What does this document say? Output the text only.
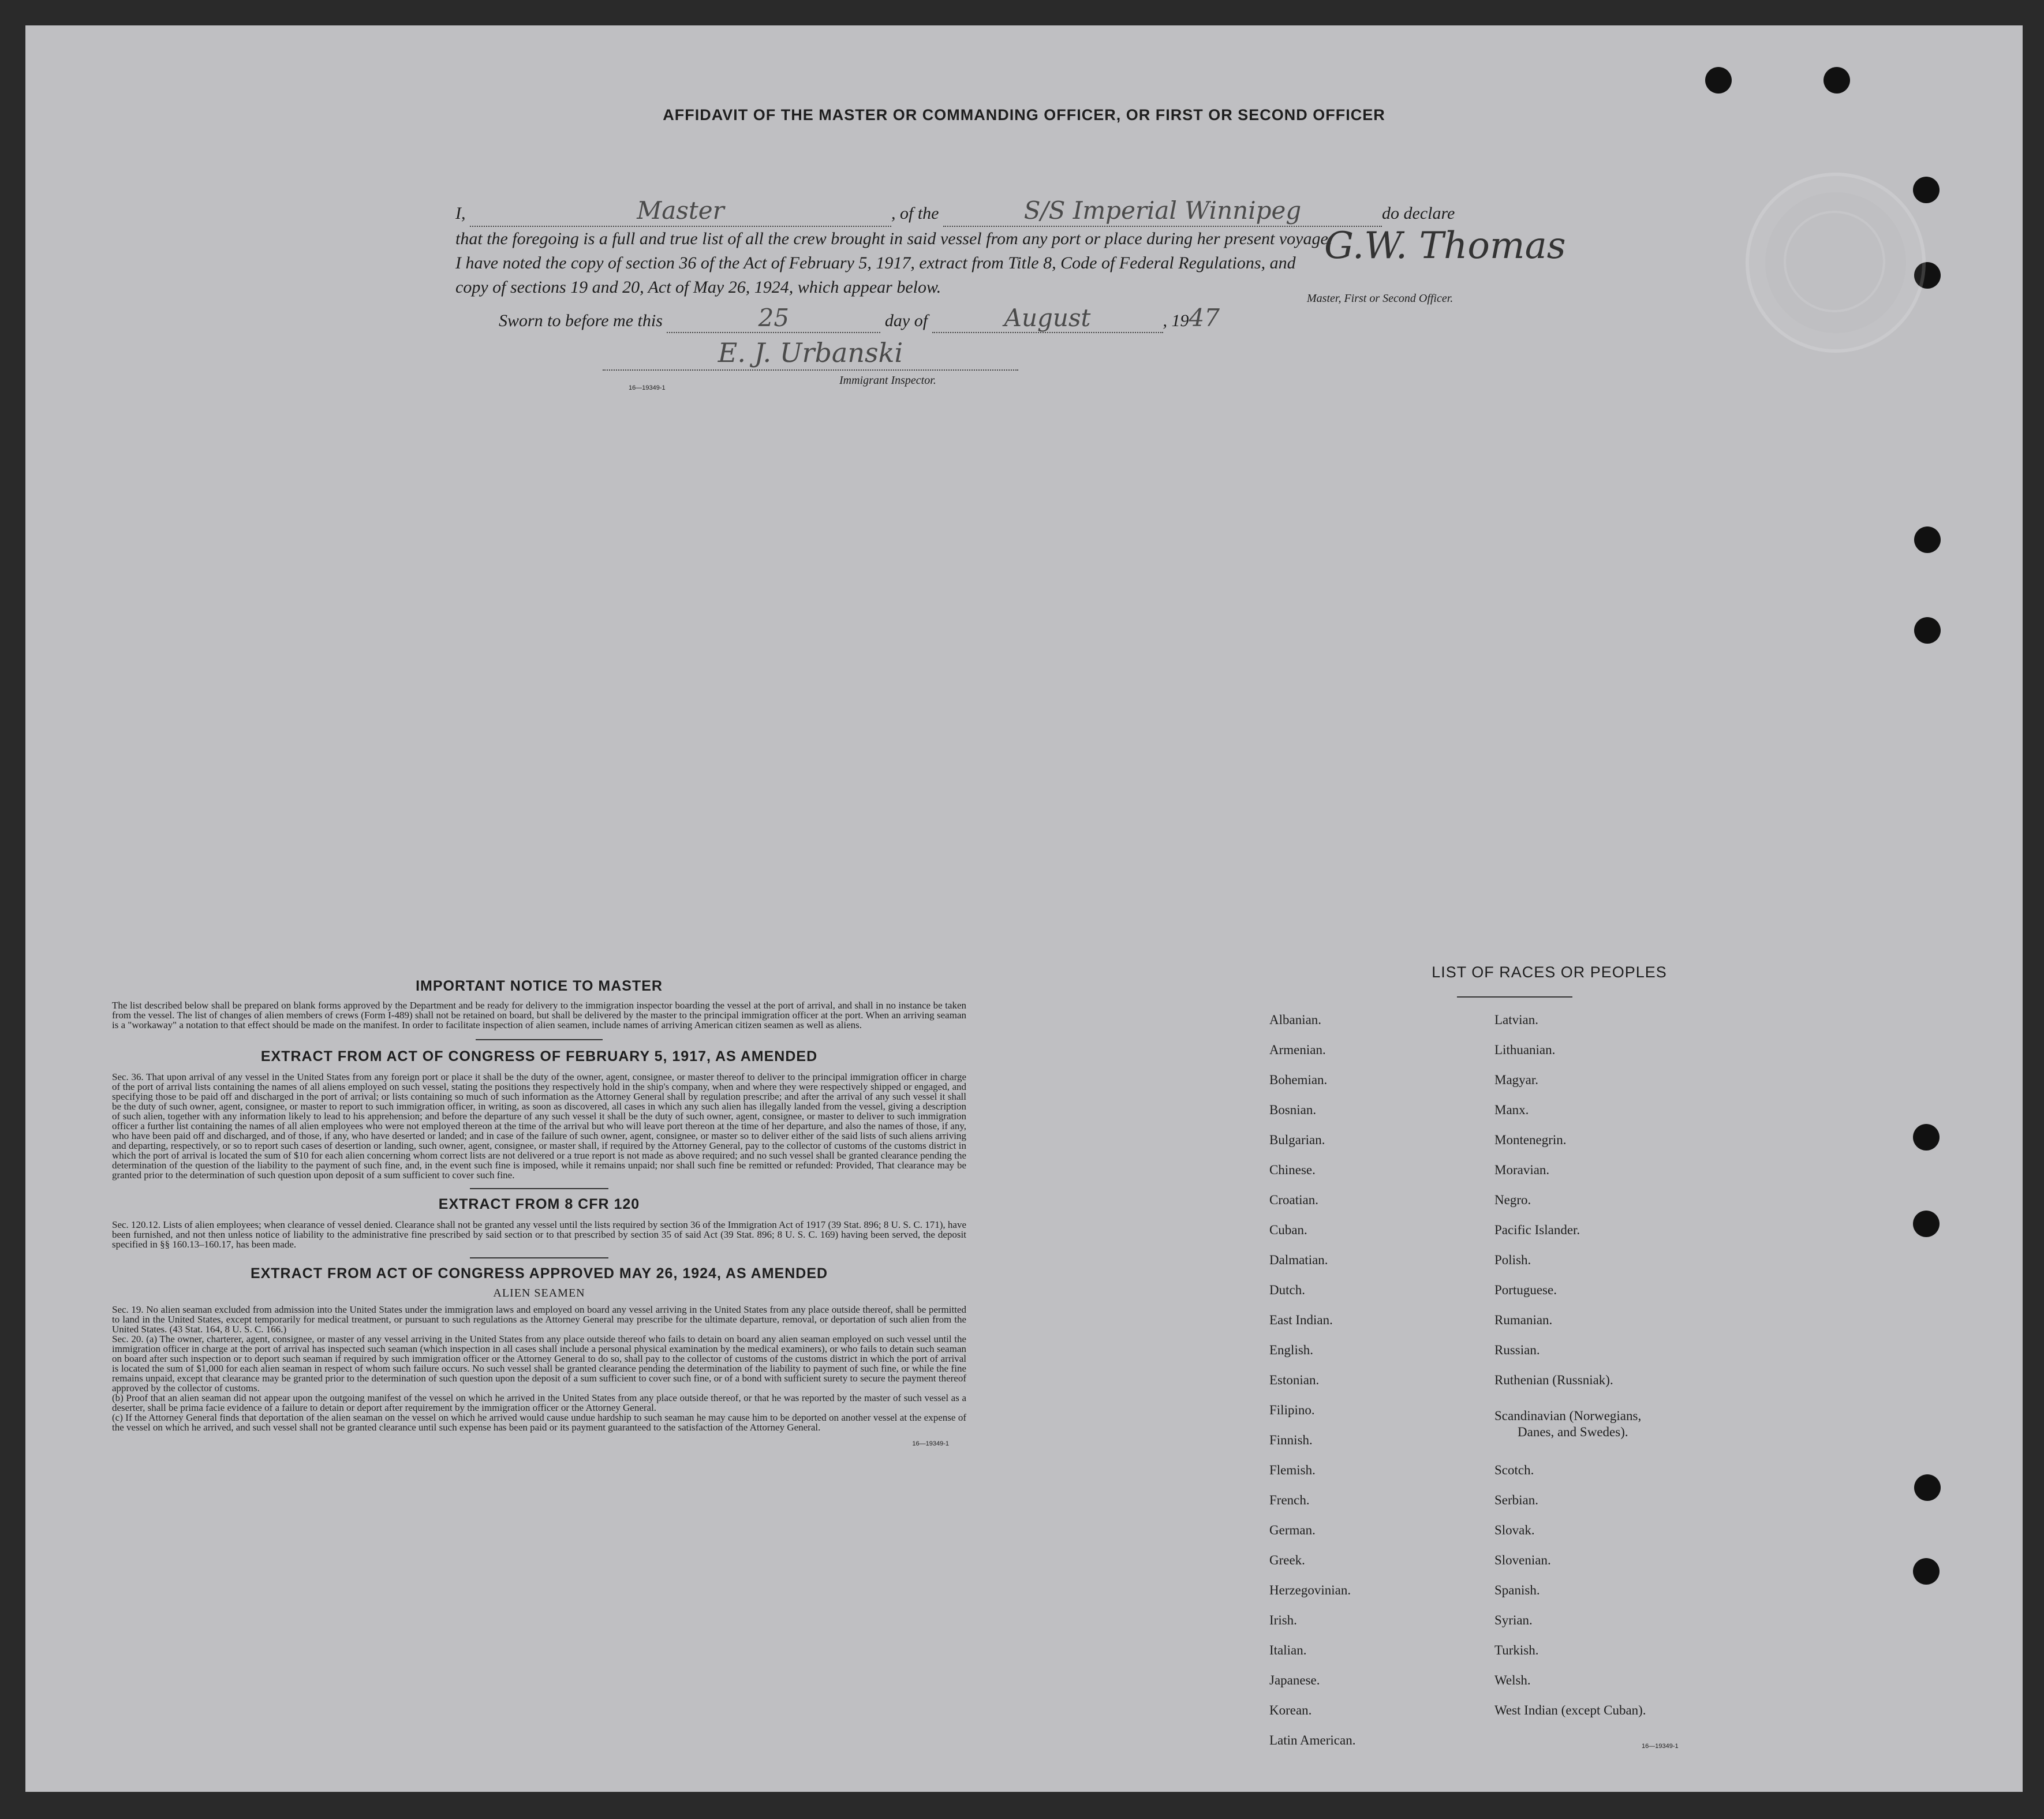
AFFIDAVIT OF THE MASTER OR COMMANDING OFFICER, OR FIRST OR SECOND OFFICER
I,	Master	, of the	S/S Imperial Winnipeg	do declare
that the foregoing is a full and true list of all the crew brought in said vessel from any port or place during her present voyage.
I have noted the copy of section 36 of the Act of February 5, 1917, extract from Title 8, Code of Federal Regulations, and
copy of sections 19 and 20, Act of May 26, 1924, which appear below.
G.W. Thomas
Master, First or Second Officer.
Sworn to before me this	25	day of	August	, 1947
E. J. Urbanski
Immigrant Inspector.
16—19349-1
IMPORTANT NOTICE TO MASTER

The list described below shall be prepared on blank forms approved by the Department and be ready for delivery to the immigration inspector boarding the vessel at the port of arrival, and shall in no instance be taken from the vessel. The list of changes of alien members of crews (Form I-489) shall not be retained on board, but shall be delivered by the master to the principal immigration officer at the port. When an arriving seaman is a "workaway" a notation to that effect should be made on the manifest. In order to facilitate inspection of alien seamen, include names of arriving American citizen seamen as well as aliens.

EXTRACT FROM ACT OF CONGRESS OF FEBRUARY 5, 1917, AS AMENDED

Sec. 36. That upon arrival of any vessel in the United States from any foreign port or place it shall be the duty of the owner, agent, consignee, or master thereof to deliver to the principal immigration officer in charge of the port of arrival lists containing the names of all aliens employed on such vessel, stating the positions they respectively hold in the ship's company, when and where they were respectively shipped or engaged, and specifying those to be paid off and discharged in the port of arrival; or lists containing so much of such information as the Attorney General shall by regulation prescribe; and after the arrival of any such vessel it shall be the duty of such owner, agent, consignee, or master to report to such immigration officer, in writing, as soon as discovered, all cases in which any such alien has illegally landed from the vessel, giving a description of such alien, together with any information likely to lead to his apprehension; and before the departure of any such vessel it shall be the duty of such owner, agent, consignee, or master to deliver to such immigration officer a further list containing the names of all alien employees who were not employed thereon at the time of the arrival but who will leave port thereon at the time of her departure, and also the names of those, if any, who have been paid off and discharged, and of those, if any, who have deserted or landed; and in case of the failure of such owner, agent, consignee, or master so to deliver either of the said lists of such aliens arriving and departing, respectively, or so to report such cases of desertion or landing, such owner, agent, consignee, or master shall, if required by the Attorney General, pay to the collector of customs of the customs district in which the port of arrival is located the sum of $10 for each alien concerning whom correct lists are not delivered or a true report is not made as above required; and no such vessel shall be granted clearance pending the determination of the question of the liability to the payment of such fine, and, in the event such fine is imposed, while it remains unpaid; nor shall such fine be remitted or refunded: Provided, That clearance may be granted prior to the determination of such question upon deposit of a sum sufficient to cover such fine.

EXTRACT FROM 8 CFR 120

Sec. 120.12. Lists of alien employees; when clearance of vessel denied. Clearance shall not be granted any vessel until the lists required by section 36 of the Immigration Act of 1917 (39 Stat. 896; 8 U. S. C. 171), have been furnished, and not then unless notice of liability to the administrative fine prescribed by said section or to that prescribed by section 35 of said Act (39 Stat. 896; 8 U. S. C. 169) having been served, the deposit specified in §§ 160.13–160.17, has been made.

EXTRACT FROM ACT OF CONGRESS APPROVED MAY 26, 1924, AS AMENDED
ALIEN SEAMEN

Sec. 19. No alien seaman excluded from admission into the United States under the immigration laws and employed on board any vessel arriving in the United States from any place outside thereof, shall be permitted to land in the United States, except temporarily for medical treatment, or pursuant to such regulations as the Attorney General may prescribe for the ultimate departure, removal, or deportation of such alien from the United States. (43 Stat. 164, 8 U. S. C. 166.)

Sec. 20. (a) The owner, charterer, agent, consignee, or master of any vessel arriving in the United States from any place outside thereof who fails to detain on board any alien seaman employed on such vessel until the immigration officer in charge at the port of arrival has inspected such seaman (which inspection in all cases shall include a personal physical examination by the medical examiners), or who fails to detain such seaman on board after such inspection or to deport such seaman if required by such immigration officer or the Attorney General to do so, shall pay to the collector of customs of the customs district in which the port of arrival is located the sum of $1,000 for each alien seaman in respect of whom such failure occurs. No such vessel shall be granted clearance pending the determination of the liability to payment of such fine, or while the fine remains unpaid, except that clearance may be granted prior to the determination of such question upon the deposit of a sum sufficient to cover such fine, or of a bond with sufficient surety to secure the payment thereof approved by the collector of customs.

(b) Proof that an alien seaman did not appear upon the outgoing manifest of the vessel on which he arrived in the United States from any place outside thereof, or that he was reported by the master of such vessel as a deserter, shall be prima facie evidence of a failure to detain or deport after requirement by the immigration officer or the Attorney General.

(c) If the Attorney General finds that deportation of the alien seaman on the vessel on which he arrived would cause undue hardship to such seaman he may cause him to be deported on another vessel at the expense of the vessel on which he arrived, and such vessel shall not be granted clearance until such expense has been paid or its payment guaranteed to the satisfaction of the Attorney General.

16—19349-1
LIST OF RACES OR PEOPLES
Albanian.
Armenian.
Bohemian.
Bosnian.
Bulgarian.
Chinese.
Croatian.
Cuban.
Dalmatian.
Dutch.
East Indian.
English.
Estonian.
Filipino.
Finnish.
Flemish.
French.
German.
Greek.
Herzegovinian.
Irish.
Italian.
Japanese.
Korean.
Latin American.
Latvian.
Lithuanian.
Magyar.
Manx.
Montenegrin.
Moravian.
Negro.
Pacific Islander.
Polish.
Portuguese.
Rumanian.
Russian.
Ruthenian (Russniak).
Scandinavian (Norwegians,
Danes, and Swedes).
Scotch.
Serbian.
Slovak.
Slovenian.
Spanish.
Syrian.
Turkish.
Welsh.
West Indian (except Cuban).
16—19349-1
